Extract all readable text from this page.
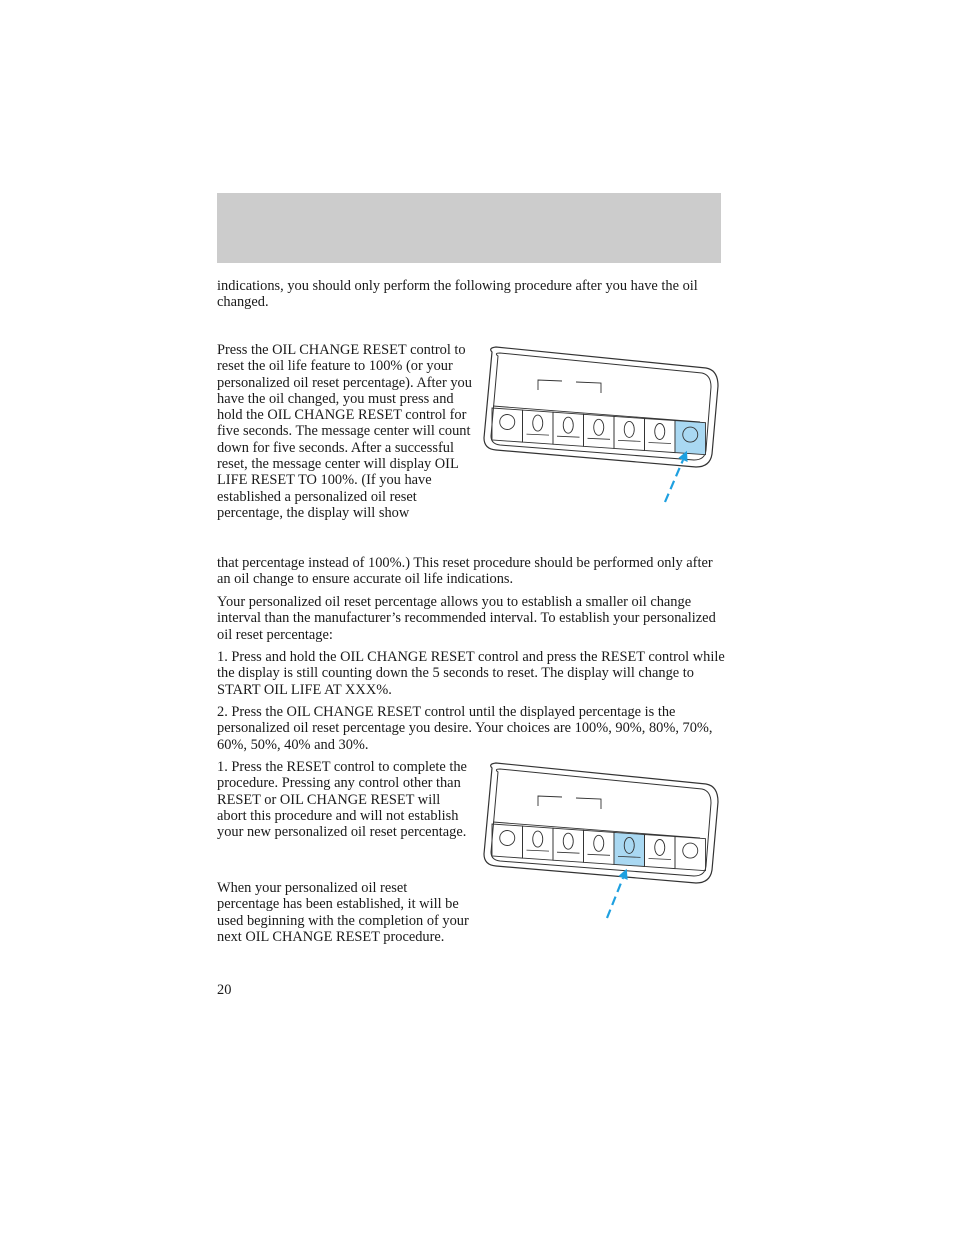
indications, you should only perform the following procedure after you have the oil changed.

Press the OIL CHANGE RESET control to reset the oil life feature to 100% (or your personalized oil reset percentage). After you have the oil changed, you must press and hold the OIL CHANGE RESET control for five seconds. The message center will count down for five seconds. After a successful reset, the message center will display OIL LIFE RESET TO 100%. (If you have established a personalized oil reset percentage, the display will show

that percentage instead of 100%.) This reset procedure should be performed only after an oil change to ensure accurate oil life indications.

Your personalized oil reset percentage allows you to establish a smaller oil change interval than the manufacturer’s recommended interval. To establish your personalized oil reset percentage:

1. Press and hold the OIL CHANGE RESET control and press the RESET control while the display is still counting down the 5 seconds to reset. The display will change to START OIL LIFE AT XXX%.

2. Press the OIL CHANGE RESET control until the displayed percentage is the personalized oil reset percentage you desire. Your choices are 100%, 90%, 80%, 70%, 60%, 50%, 40% and 30%.

1. Press the RESET control to complete the procedure. Pressing any control other than RESET or OIL CHANGE RESET will abort this procedure and will not establish your new personalized oil reset percentage.

When your personalized oil reset percentage has been established, it will be used beginning with the completion of your next OIL CHANGE RESET procedure.

20
